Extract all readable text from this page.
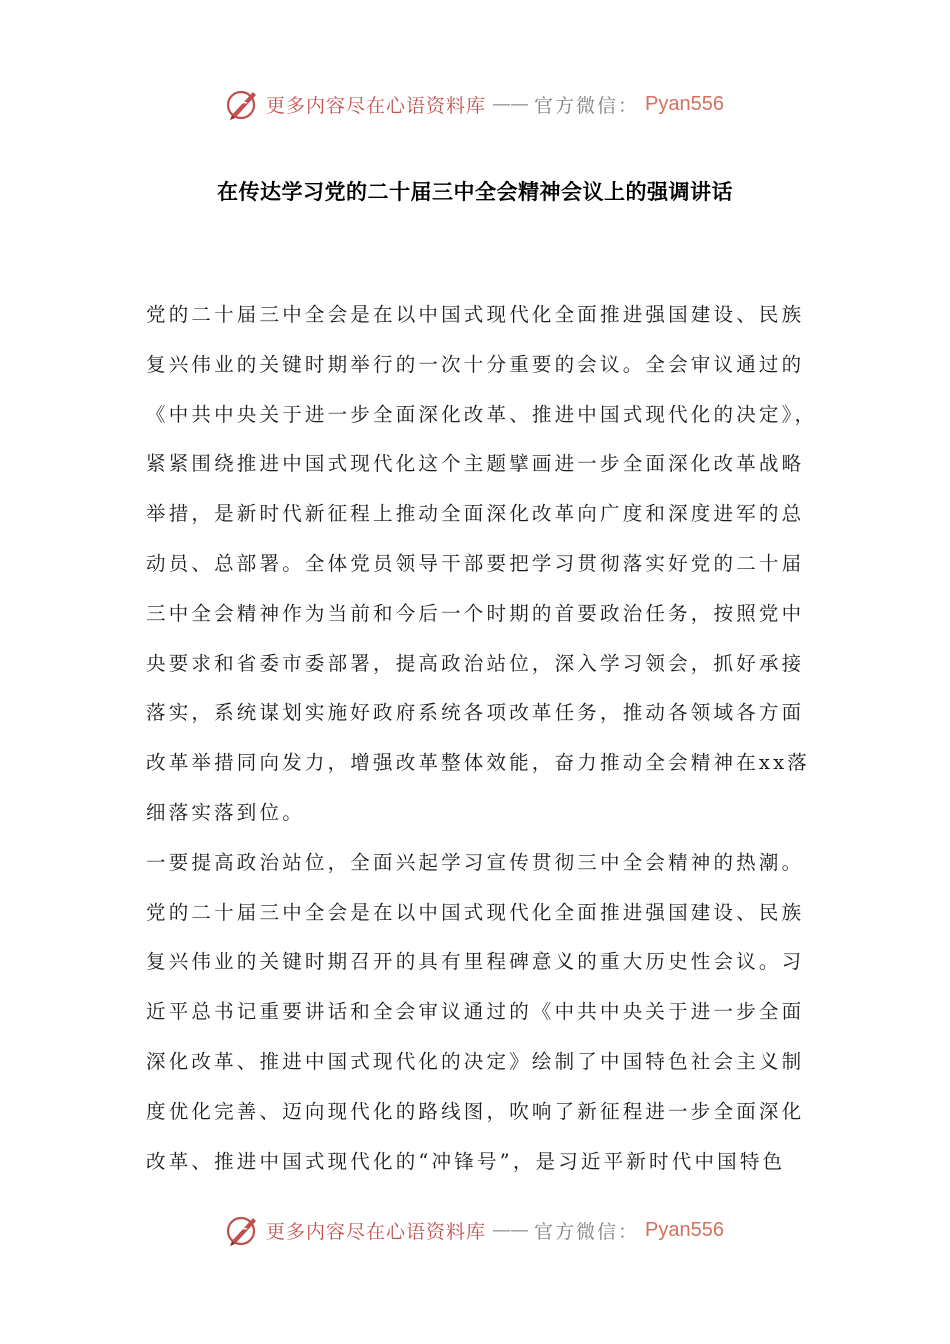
更多内容尽在心语资料库 —— 官方微信： Pyan556
在传达学习党的二十届三中全会精神会议上的强调讲话
党的二十届三中全会是在以中国式现代化全面推进强国建设、民族
复兴伟业的关键时期举行的一次十分重要的会议。全会审议通过的
《中共中央关于进一步全面深化改革、推进中国式现代化的决定》，
紧紧围绕推进中国式现代化这个主题擘画进一步全面深化改革战略
举措，是新时代新征程上推动全面深化改革向广度和深度进军的总
动员、总部署。全体党员领导干部要把学习贯彻落实好党的二十届
三中全会精神作为当前和今后一个时期的首要政治任务，按照党中
央要求和省委市委部署，提高政治站位，深入学习领会，抓好承接
落实，系统谋划实施好政府系统各项改革任务，推动各领域各方面
改革举措同向发力，增强改革整体效能，奋力推动全会精神在xx落
细落实落到位。
一要提高政治站位，全面兴起学习宣传贯彻三中全会精神的热潮。
党的二十届三中全会是在以中国式现代化全面推进强国建设、民族
复兴伟业的关键时期召开的具有里程碑意义的重大历史性会议。习
近平总书记重要讲话和全会审议通过的《中共中央关于进一步全面
深化改革、推进中国式现代化的决定》绘制了中国特色社会主义制
度优化完善、迈向现代化的路线图，吹响了新征程进一步全面深化
改革、推进中国式现代化的“冲锋号”，是习近平新时代中国特色
更多内容尽在心语资料库 —— 官方微信： Pyan556
